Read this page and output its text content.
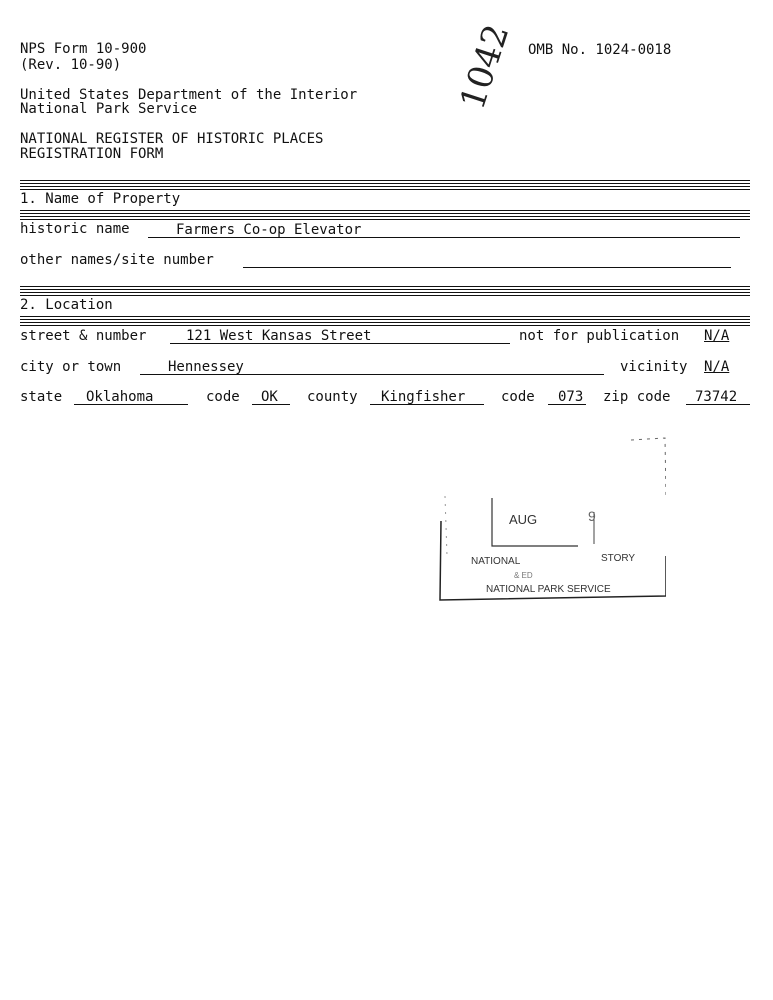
NPS Form 10-900
(Rev. 10-90)
OMB No. 1024-0018
1042
United States Department of the Interior
National Park Service
NATIONAL REGISTER OF HISTORIC PLACES
REGISTRATION FORM
1. Name of Property
historic name	Farmers Co-op Elevator
other names/site number
2. Location
street & number	121 West Kansas Street	not for publication N/A
city or town	Hennessey	vicinity N/A
state Oklahoma	code OK county Kingfisher	code 073 zip code 73742
AUG	9
NATIONAL	STORY
& ED
NATIONAL PARK SERVICE
